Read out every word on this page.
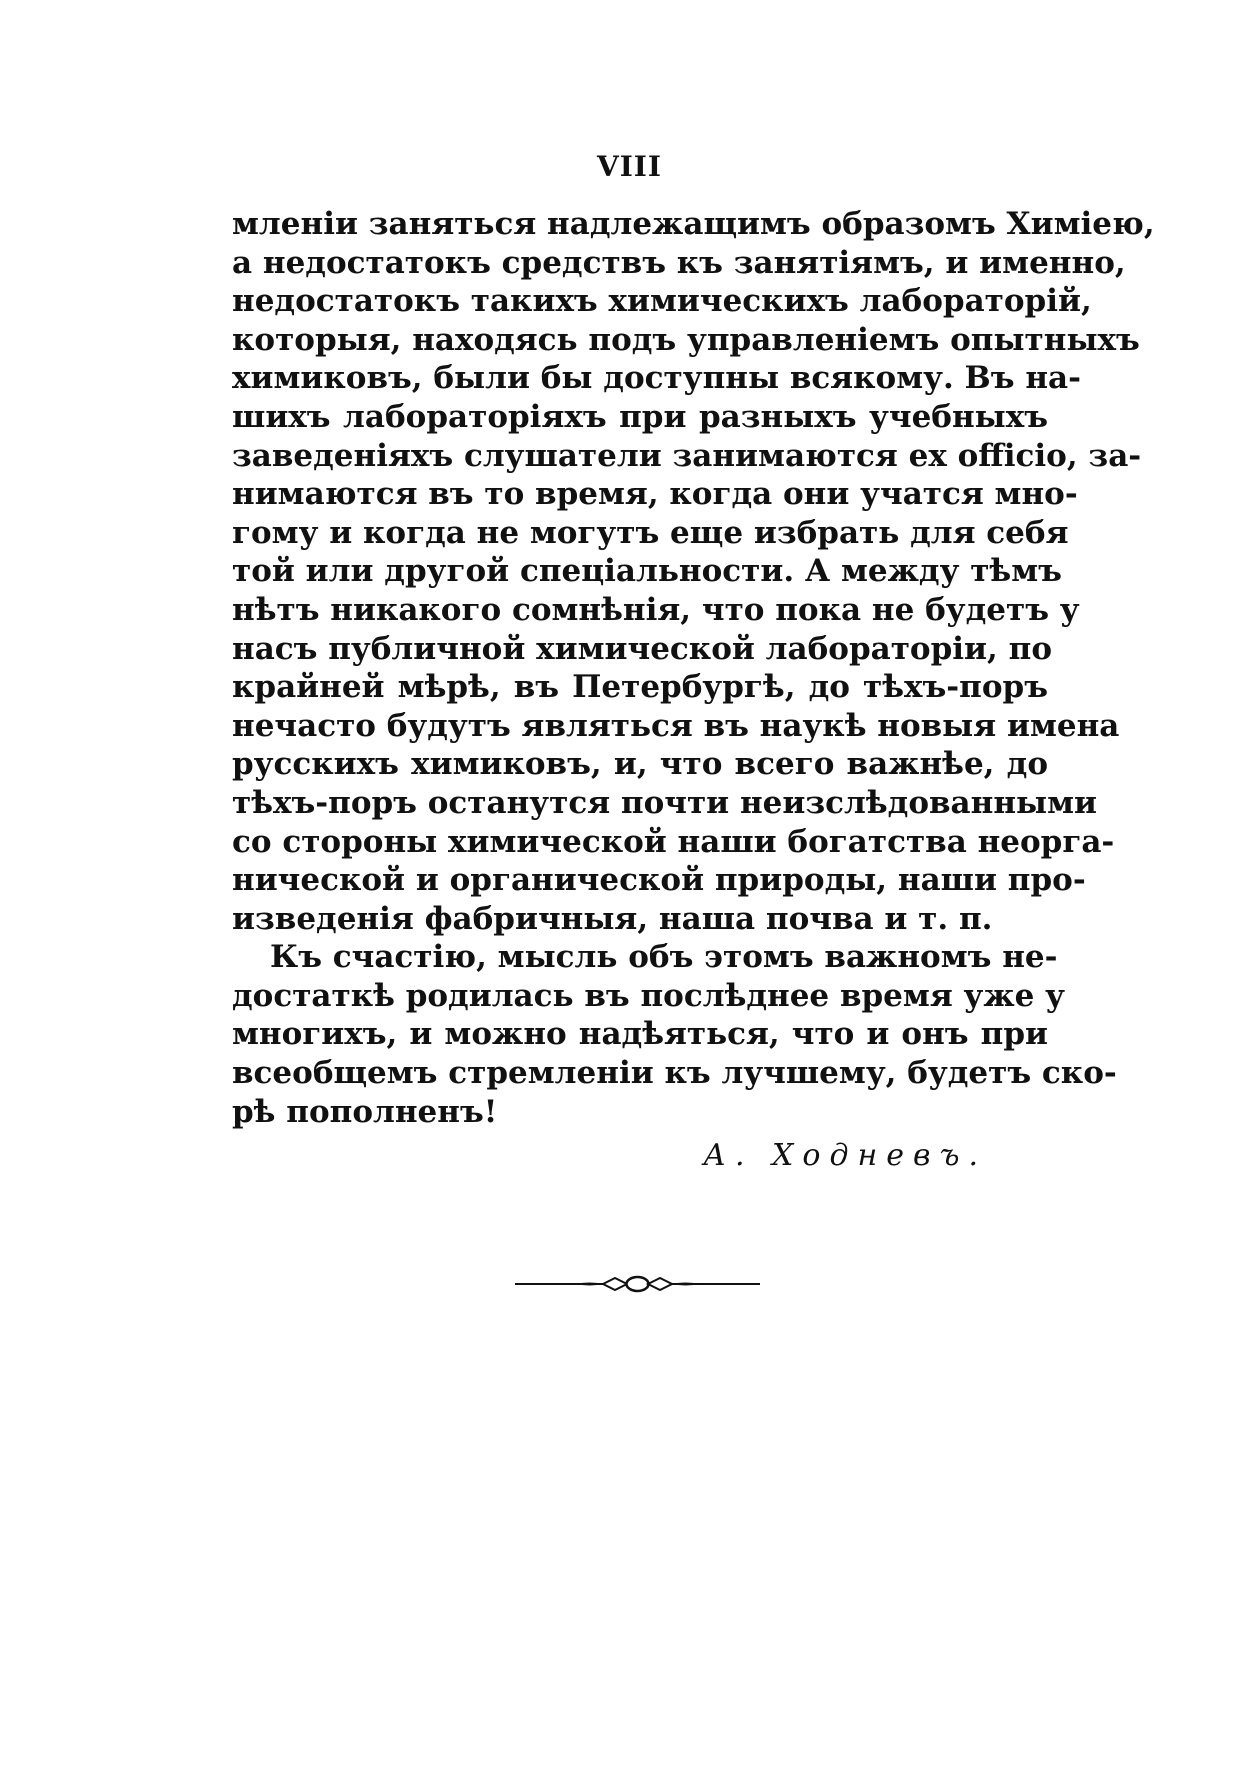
VIII
мленіи заняться надлежащимъ образомъ Химіею,
а недостатокъ средствъ къ занятіямъ, и именно,
недостатокъ такихъ химическихъ лабораторій,
которыя, находясь подъ управленіемъ опытныхъ
химиковъ, были бы доступны всякому. Въ на-
шихъ лабораторіяхъ при разныхъ учебныхъ
заведеніяхъ слушатели занимаются ex officio, за-
нимаются въ то время, когда они учатся мно-
гому и когда не могутъ еще избрать для себя
той или другой спеціальности. А между тѣмъ
нѣтъ никакого сомнѣнія, что пока не будетъ у
насъ публичной химической лабораторіи, по
крайней мѣрѣ, въ Петербургѣ, до тѣхъ-поръ
нечасто будутъ являться въ наукѣ новыя имена
русскихъ химиковъ, и, что всего важнѣе, до
тѣхъ-поръ останутся почти неизслѣдованными
со стороны химической наши богатства неорга-
нической и органической природы, наши про-
изведенія фабричныя, наша почва и т. п.
Къ счастію, мысль объ этомъ важномъ не-
достаткѣ родилась въ послѣднее время уже у
многихъ, и можно надѣяться, что и онъ при
всеобщемъ стремленіи къ лучшему, будетъ ско-
рѣ пополненъ!
А. Ходневъ.
